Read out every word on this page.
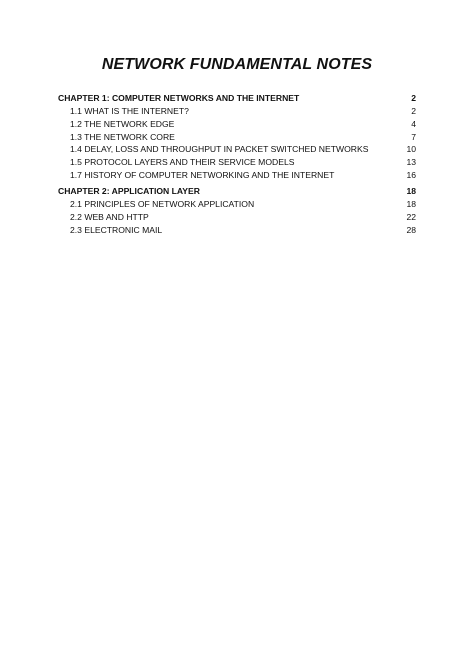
NETWORK FUNDAMENTAL NOTES
CHAPTER 1: COMPUTER NETWORKS AND THE INTERNET	2
1.1 WHAT IS THE INTERNET?	2
1.2 THE NETWORK EDGE	4
1.3 THE NETWORK CORE	7
1.4 DELAY, LOSS AND THROUGHPUT IN PACKET SWITCHED NETWORKS	10
1.5 PROTOCOL LAYERS AND THEIR SERVICE MODELS	13
1.7 HISTORY OF COMPUTER NETWORKING AND THE INTERNET	16
CHAPTER 2: APPLICATION LAYER	18
2.1 PRINCIPLES OF NETWORK APPLICATION	18
2.2 WEB AND HTTP	22
2.3 ELECTRONIC MAIL	28
